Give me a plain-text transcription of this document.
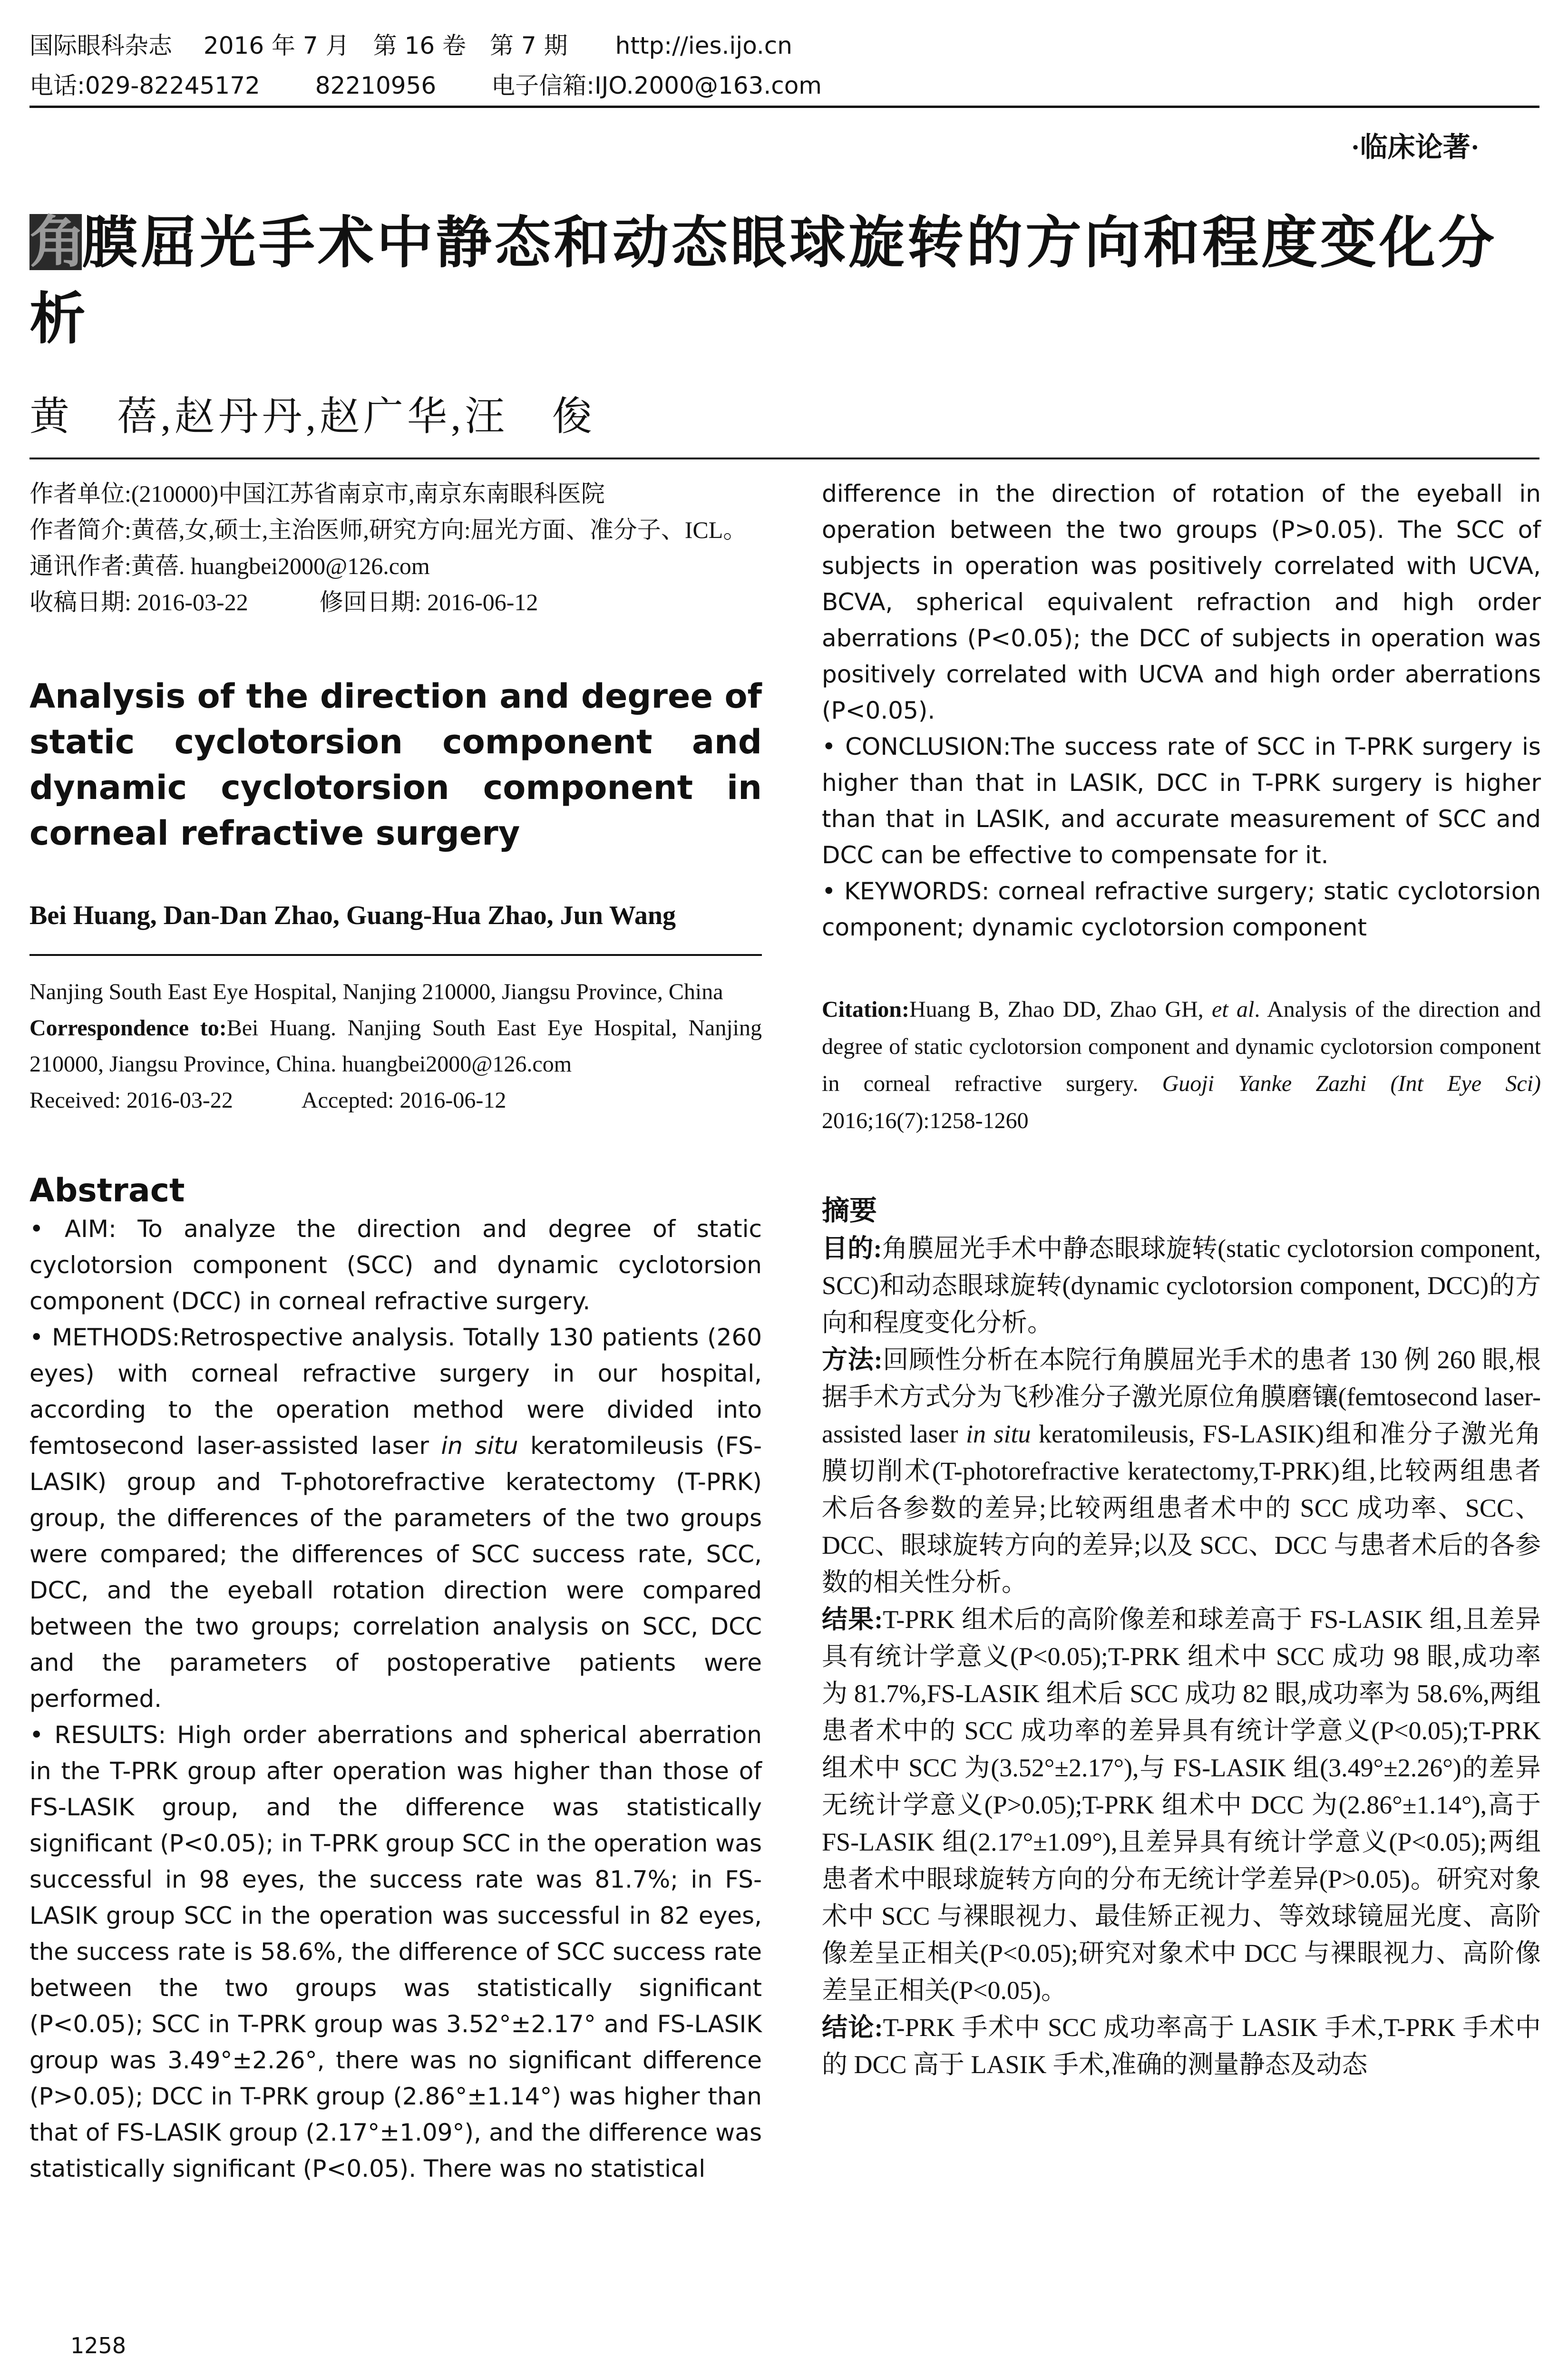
国际眼科杂志　 2016 年 7 月　第 16 卷　第 7 期　　http://ies.ijo.cn
电话:029-82245172　　 82210956　　 电子信箱:IJO.2000@163.com
·临床论著·
角膜屈光手术中静态和动态眼球旋转的方向和程度变化分析
黄　蓓,赵丹丹,赵广华,汪　俊
作者单位:(210000)中国江苏省南京市,南京东南眼科医院
作者简介:黄蓓,女,硕士,主治医师,研究方向:屈光方面、准分子、ICL。
通讯作者:黄蓓. huangbei2000@126.com
收稿日期: 2016-03-22　　　修回日期: 2016-06-12
Analysis of the direction and degree of static cyclotorsion component and dynamic cyclotorsion component in corneal refractive surgery
Bei Huang, Dan-Dan Zhao, Guang-Hua Zhao, Jun Wang
Nanjing South East Eye Hospital, Nanjing 210000, Jiangsu Province, China
Correspondence to:Bei Huang. Nanjing South East Eye Hospital, Nanjing 210000, Jiangsu Province, China. huangbei2000@126.com
Received: 2016-03-22　　　Accepted: 2016-06-12
Abstract
• AIM: To analyze the direction and degree of static cyclotorsion component (SCC) and dynamic cyclotorsion component (DCC) in corneal refractive surgery.
• METHODS:Retrospective analysis. Totally 130 patients (260 eyes) with corneal refractive surgery in our hospital, according to the operation method were divided into femtosecond laser-assisted laser in situ keratomileusis (FS-LASIK) group and T-photorefractive keratectomy (T-PRK) group, the differences of the parameters of the two groups were compared; the differences of SCC success rate, SCC, DCC, and the eyeball rotation direction were compared between the two groups; correlation analysis on SCC, DCC and the parameters of postoperative patients were performed.
• RESULTS: High order aberrations and spherical aberration in the T-PRK group after operation was higher than those of FS-LASIK group, and the difference was statistically significant (P<0.05); in T-PRK group SCC in the operation was successful in 98 eyes, the success rate was 81.7%; in FS-LASIK group SCC in the operation was successful in 82 eyes, the success rate is 58.6%, the difference of SCC success rate between the two groups was statistically significant (P<0.05); SCC in T-PRK group was 3.52°±2.17° and FS-LASIK group was 3.49°±2.26°, there was no significant difference (P>0.05); DCC in T-PRK group (2.86°±1.14°) was higher than that of FS-LASIK group (2.17°±1.09°), and the difference was statistically significant (P<0.05). There was no statistical
difference in the direction of rotation of the eyeball in operation between the two groups (P>0.05). The SCC of subjects in operation was positively correlated with UCVA, BCVA, spherical equivalent refraction and high order aberrations (P<0.05); the DCC of subjects in operation was positively correlated with UCVA and high order aberrations (P<0.05).
• CONCLUSION:The success rate of SCC in T-PRK surgery is higher than that in LASIK, DCC in T-PRK surgery is higher than that in LASIK, and accurate measurement of SCC and DCC can be effective to compensate for it.
• KEYWORDS: corneal refractive surgery; static cyclotorsion component; dynamic cyclotorsion component
Citation:Huang B, Zhao DD, Zhao GH, et al. Analysis of the direction and degree of static cyclotorsion component and dynamic cyclotorsion component in corneal refractive surgery. Guoji Yanke Zazhi (Int Eye Sci) 2016;16(7):1258-1260
摘要
目的:角膜屈光手术中静态眼球旋转(static cyclotorsion component, SCC)和动态眼球旋转(dynamic cyclotorsion component, DCC)的方向和程度变化分析。
方法:回顾性分析在本院行角膜屈光手术的患者 130 例 260 眼,根据手术方式分为飞秒准分子激光原位角膜磨镶(femtosecond laser-assisted laser in situ keratomileusis, FS-LASIK)组和准分子激光角膜切削术(T-photorefractive keratectomy,T-PRK)组,比较两组患者术后各参数的差异;比较两组患者术中的 SCC 成功率、SCC、DCC、眼球旋转方向的差异;以及 SCC、DCC 与患者术后的各参数的相关性分析。
结果:T-PRK 组术后的高阶像差和球差高于 FS-LASIK 组,且差异具有统计学意义(P<0.05);T-PRK 组术中 SCC 成功 98 眼,成功率为 81.7%,FS-LASIK 组术后 SCC 成功 82 眼,成功率为 58.6%,两组患者术中的 SCC 成功率的差异具有统计学意义(P<0.05);T-PRK 组术中 SCC 为(3.52°±2.17°),与 FS-LASIK 组(3.49°±2.26°)的差异无统计学意义(P>0.05);T-PRK 组术中 DCC 为(2.86°±1.14°),高于 FS-LASIK 组(2.17°±1.09°),且差异具有统计学意义(P<0.05);两组患者术中眼球旋转方向的分布无统计学差异(P>0.05)。研究对象术中 SCC 与裸眼视力、最佳矫正视力、等效球镜屈光度、高阶像差呈正相关(P<0.05);研究对象术中 DCC 与裸眼视力、高阶像差呈正相关(P<0.05)。
结论:T-PRK 手术中 SCC 成功率高于 LASIK 手术,T-PRK 手术中的 DCC 高于 LASIK 手术,准确的测量静态及动态
1258
